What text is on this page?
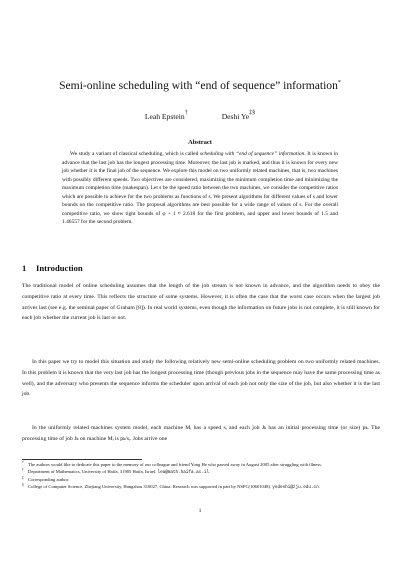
Semi-online scheduling with “end of sequence” information*
Leah Epstein†	Deshi Ye‡§
Abstract

We study a variant of classical scheduling, which is called scheduling with “end of sequence” information. It is known in advance that the last job has the longest processing time. Moreover, the last job is marked, and thus it is known for every new job whether it is the final job of the sequence. We explore this model on two uniformly related machines, that is, two machines with possibly different speeds. Two objectives are considered, maximizing the minimum completion time and minimizing the maximum completion time (makespan). Let s be the speed ratio between the two machines, we consider the competitive ratios which are possible to achieve for the two problems as functions of s. We present algorithms for different values of s and lower bounds on the competitive ratio. The proposal algorithms are best possible for a wide range of values of s. For the overall competitive ratio, we show tight bounds of φ + 1 ≈ 2.618 for the first problem, and upper and lower bounds of 1.5 and 1.46557 for the second problem.

1 Introduction

The traditional model of online scheduling assumes that the length of the job stream is not known in advance, and the algorithm needs to obey the competitive ratio at every time. This reflects the structure of some systems. However, it is often the case that the worst case occurs when the largest job arrives last (see e.g. the seminal paper of Graham [8]). In real world systems, even though the information on future jobs is not complete, it is still known for each job whether the current job is last or not.

In this paper we try to model this situation and study the following relatively new semi-online scheduling problem on two uniformly related machines. In this problem it is known that the very last job has the longest processing time (though previous jobs in the sequence may have the same processing time as well), and the adversary who presents the sequence informs the scheduler upon arrival of each job not only the size of the job, but also whether it is the last job.

In the uniformly related machines system model, each machine Mᵢ has a speed sᵢ and each job Jₖ has an initial processing time (or size) pₖ. The processing time of job Jₖ on machine Mᵢ is pₖ/sᵢ. Jobs arrive one

* The authors would like to dedicate this paper to the memory of our colleague and friend Yong He who passed away in August 2005 after struggling with illness.

† Department of Mathematics, University of Haifa, 31905 Haifa, Israel. lea@math.haifa.ac.il.

‡ Corresponding author.

§ College of Computer Science, Zhejiang University, Hangzhou 310027, China. Research was supported in part by NSFC(10601048). yedeshi@zju.edu.cn.

1
